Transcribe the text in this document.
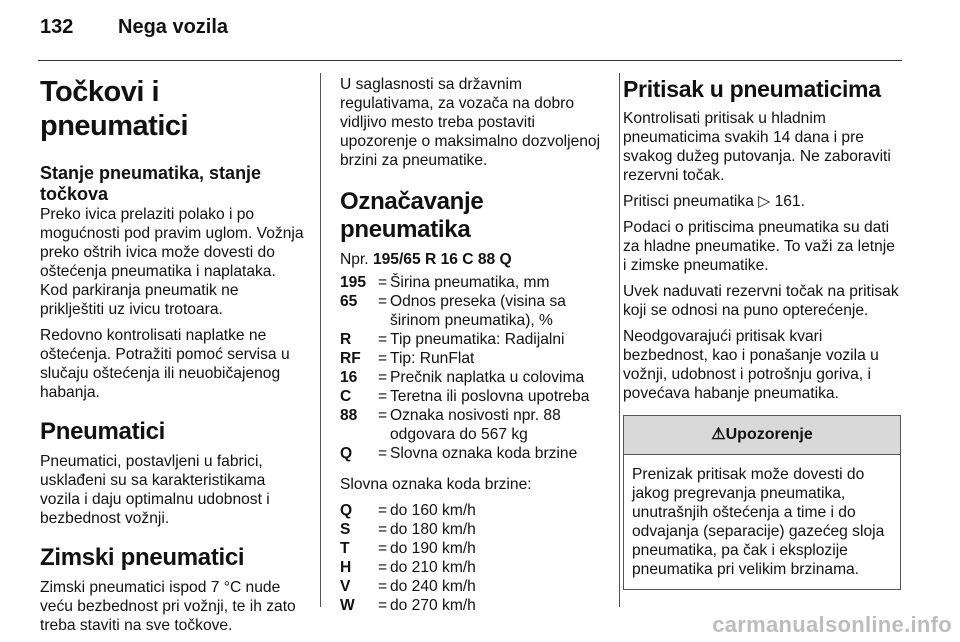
132 Nega vozila
Točkovi i pneumatici
Stanje pneumatika, stanje točkova

Preko ivica prelaziti polako i po mogućnosti pod pravim uglom. Vožnja preko oštrih ivica može dovesti do oštećenja pneumatika i naplataka. Kod parkiranja pneumatik ne priklještiti uz ivicu trotoara.

Redovno kontrolisati naplatke ne oštećenja. Potražiti pomoć servisa u slučaju oštećenja ili neuobičajenog habanja.

Pneumatici

Pneumatici, postavljeni u fabrici, usklađeni su sa karakteristikama vozila i daju optimalnu udobnost i bezbednost vožnji.

Zimski pneumatici

Zimski pneumatici ispod 7 °C nude veću bezbednost pri vožnji, te ih zato treba staviti na sve točkove.

U saglasnosti sa državnim regulativama, za vozača na dobro vidljivo mesto treba postaviti upozorenje o maksimalno dozvoljenoj brzini za pneumatike.

Označavanje pneumatika

Npr. 195/65 R 16 C 88 Q

195	=	Širina pneumatika, mm
65	=	Odnos preseka (visina sa širinom pneumatika), %
R	=	Tip pneumatika: Radijalni
RF	=	Tip: RunFlat
16	=	Prečnik naplatka u colovima
C	=	Teretna ili poslovna upotreba
88	=	Oznaka nosivosti npr. 88 odgovara do 567 kg
Q	=	Slovna oznaka koda brzine

Slovna oznaka koda brzine:

Q	=	do 160 km/h
S	=	do 180 km/h
T	=	do 190 km/h
H	=	do 210 km/h
V	=	do 240 km/h
W	=	do 270 km/h
Pritisak u pneumaticima

Kontrolisati pritisak u hladnim pneumaticima svakih 14 dana i pre svakog dužeg putovanja. Ne zaboraviti rezervni točak.

Pritisci pneumatika ▷ 161.

Podaci o pritiscima pneumatika su dati za hladne pneumatike. To važi za letnje i zimske pneumatike.

Uvek naduvati rezervni točak na pritisak koji se odnosi na puno opterećenje.

Neodgovarajući pritisak kvari bezbednost, kao i ponašanje vozila u vožnji, udobnost i potrošnju goriva, i povećava habanje pneumatika.

⚠Upozorenje
Prenizak pritisak može dovesti do jakog pregrevanja pneumatika, unutrašnjih oštećenja a time i do odvajanja (separacije) gazećeg sloja pneumatika, pa čak i eksplozije pneumatika pri velikim brzinama.
carmanualsonline.info
